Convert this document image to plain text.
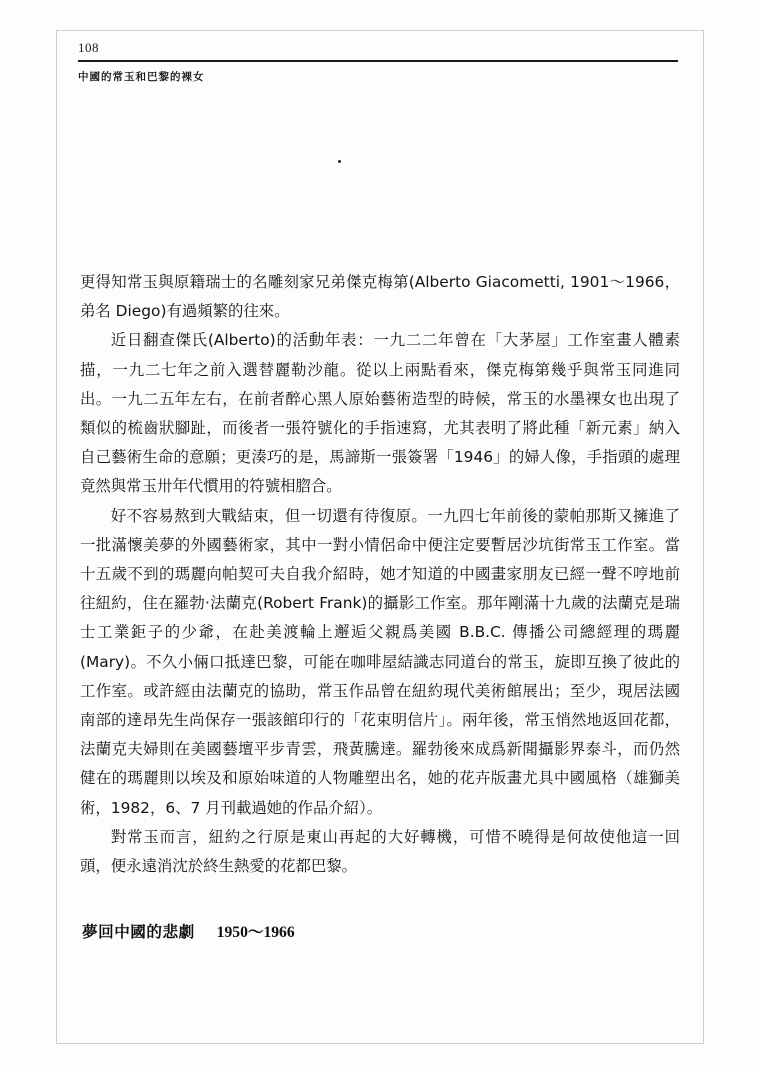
108
中國的常玉和巴黎的裸女

更得知常玉與原籍瑞士的名雕刻家兄弟傑克梅第(Alberto Giacometti, 1901～1966，弟名 Diego)有過頻繁的往來。

近日翻查傑氏(Alberto)的活動年表：一九二二年曾在「大茅屋」工作室畫人體素描，一九二七年之前入選替麗勒沙龍。從以上兩點看來，傑克梅第幾乎與常玉同進同出。一九二五年左右，在前者醉心黑人原始藝術造型的時候，常玉的水墨裸女也出現了類似的梳齒狀腳趾，而後者一張符號化的手指速寫，尤其表明了將此種「新元素」納入自己藝術生命的意願；更湊巧的是，馬諦斯一張簽署「1946」的婦人像，手指頭的處理竟然與常玉卅年代慣用的符號相脗合。

好不容易熬到大戰結束，但一切還有待復原。一九四七年前後的蒙帕那斯又擁進了一批滿懷美夢的外國藝術家，其中一對小情侶命中便注定要暫居沙坑街常玉工作室。當十五歲不到的瑪麗向帕契可夫自我介紹時，她才知道的中國畫家朋友已經一聲不哼地前往紐約，住在羅勃‧法蘭克(Robert Frank)的攝影工作室。那年剛滿十九歲的法蘭克是瑞士工業鉅子的少爺，在赴美渡輪上邂逅父親爲美國 B.B.C. 傳播公司總經理的瑪麗(Mary)。不久小倆口抵達巴黎，可能在咖啡屋結識志同道台的常玉，旋即互換了彼此的工作室。或許經由法蘭克的協助，常玉作品曾在紐約現代美術館展出；至少，現居法國南部的達昂先生尚保存一張該館印行的「花束明信片」。兩年後，常玉悄然地返回花都，法蘭克夫婦則在美國藝壇平步青雲，飛黃騰達。羅勃後來成爲新聞攝影界泰斗，而仍然健在的瑪麗則以埃及和原始味道的人物雕塑出名，她的花卉版畫尤具中國風格（雄獅美術，1982，6、7 月刊載過她的作品介紹）。

對常玉而言，紐約之行原是東山再起的大好轉機，可惜不曉得是何故使他這一回頭，便永遠消沈於終生熱愛的花都巴黎。

夢回中國的悲劇 1950～1966
